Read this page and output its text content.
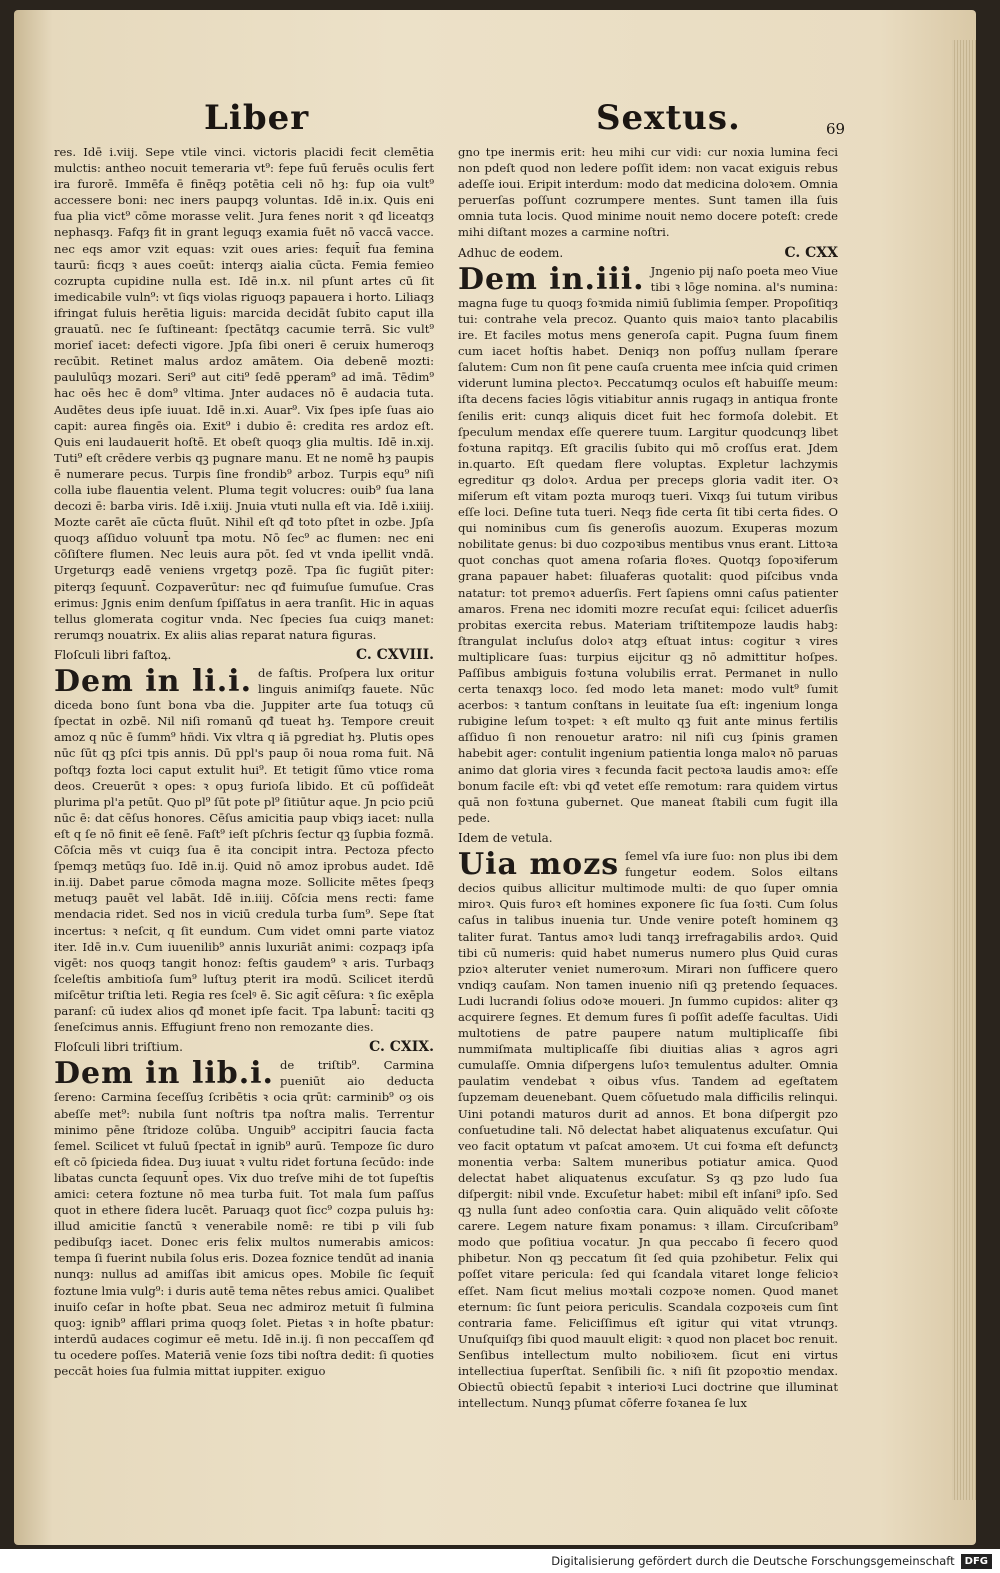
Liber	Sextus.	69

res. Idē i.viij. Sepe vtile vinci. victoris placidi fecit clemētia mulctis: antheo nocuit temeraria vt⁹: fepe fuū feruēs oculis fert ira furorē. Immēfa ē finēqȝ potētia celi nō hȝ: fup oia vult⁹ accessere boni: nec iners paupqȝ voluntas. Idē in.ix. Quis eni fua plia vict⁹ cōme morasse velit. Jura fenes norit ꝛ qđ liceatqȝ nephasqȝ. Fafqȝ fit in grant leguqȝ examia fuēt nō vaccā vacce. nec eqs amor vzit equas: vzit oues aries: fequit̄ fua femina taurū: ficqȝ ꝛ aues coeūt: interqȝ aialia cūcta. Femia femieo cozrupta cupidine nulla est. Idē in.x. nil pſunt artes cū ſit imedicabile vuln⁹: vt ſiqs violas riguoqȝ papauera i horto. Liliaqȝ ifringat fuluis herētia liguis: marcida decidāt ſubito caput illa grauatū. nec ſe ſuſtineant: ſpectātqȝ cacumie terrā. Sic vult⁹ morieſ iacet: defecti vigore. Jpſa ſibi oneri ē ceruix humeroqȝ recūbit. Retinet malus ardoz amātem. Oia debenē mozti: paululūqȝ mozari. Seri⁹ aut citi⁹ ſedē pꝑeram⁹ ad imā. Tēdim⁹ hac oēs hec ē dom⁹ vltima. Jnter audaces nō ē audacia tuta. Audētes deus ipſe iuuat. Idē in.xi. Auar⁹. Vix ſpes ipſe ſuas aio capit: aurea fingēs oia. Exit⁹ i dubio ē: credita res ardoz eſt. Quis eni laudauerit hoſtē. Et obeſt quoqȝ glia multis. Idē in.xij. Tuti⁹ eſt crēdere verbis qꝫ pugnare manu. Et ne nomē hȝ paupis ē numerare pecus. Turpis ſine frondib⁹ arboz. Turpis equ⁹ niſi colla iube flauentia velent. Pluma tegit volucres: ouib⁹ ſua lana decozi ē: barba viris. Idē i.xiij. Jnuia vtuti nulla eſt via. Idē i.xiiij. Mozte carēt aīe cūcta fluūt. Nihil eſt qđ toto pſtet in ozbe. Jpſa quoqȝ aſſiduo voluunt̄ tpa motu. Nō ſec⁹ ac flumen: nec eni cōſiſtere flumen. Nec leuis aura pōt. ſed vt vnda ipellit vndā. Urgeturqȝ eadē veniens vrgetqȝ pozē. Tpa ſic fugiūt piter: piterqȝ ſequunt̄. Cozpaverūtur: nec qđ fuimuſue ſumuſue. Cras erimus: Jgnis enim denſum ſpiſſatus in aera tranſit. Hic in aquas tellus glomerata cogitur vnda. Nec ſpecies ſua cuiqȝ manet: rerumqȝ nouatrix. Ex aliis alias reparat natura figuras.

Floſculi libri faſtoꝝ.	C. CXVIII.

Dem in li.i. de faſtis. Proſpera lux oritur linguis animiſqȝ fauete. Nūc diceda bono ſunt bona vba die. Juppiter arte ſua totuqȝ cū ſpectat in ozbē. Nil niſi romanū qđ tueat hȝ. Tempore creuit amoz q nūc ē ſumm⁹ hñdi. Vix vltra q iā pgrediat hȝ. Plutis opes nūc ſūt qꝫ pſci tpis annis. Dū ppl's paup ōi noua roma fuit. Nā poſtqȝ fozta loci caput extulit hui⁹. Et tetigit ſūmo vtice roma deos. Creuerūt ꝛ opes: ꝛ opuȝ furioſa libido. Et cū poſſideāt plurima pl'a petūt. Quo pl⁹ ſūt pote pl⁹ ſitiūtur aque. Jn pcio pciū nūc ē: dat cēſus honores. Cēſus amicitia paup vbiqȝ iacet: nulla eſt q ſe nō finit eē ſenē. Faſt⁹ ieſt pſchris ſectur qꝫ ſupbia fozmā. Cōſcia mēs vt cuiqȝ ſua ē ita concipit intra. Pectoza pfecto ſpemqȝ metūqȝ ſuo. Idē in.ij. Quid nō amoz iprobus audet. Idē in.iij. Dabet parue cōmoda magna moze. Sollicite mētes ſpeqȝ metuqȝ pauēt vel labāt. Idē in.iiij. Cōſcia mens recti: fame mendacia ridet. Sed nos in viciū credula turba ſum⁹. Sepe ſtat incertus: ꝛ neſcit, q ſit eundum. Cum videt omni parte viatoz iter. Idē in.v. Cum iuuenilib⁹ annis luxuriāt animi: cozpaqȝ ipſa vigēt: nos quoqȝ tangit honoz: feſtis gaudem⁹ ꝛ aris. Turbaqȝ ſceleſtis ambitioſa ſum⁹ luſtuȝ pterit ira modū. Scilicet iterdū miſcētur triſtia leti. Regia res ſcelꝰ ē. Sic agit̄ cēſura: ꝛ ſic exēpla paranſ: cū iudex alios qđ monet ipſe facit. Tpa labunt̄: taciti qꝫ ſeneſcimus annis. Effugiunt freno non remozante dies.

Floſculi libri triſtium.	C. CXIX.

Dem in lib.i. de triſtib⁹. Carmina pueniūt aio deducta ſereno: Carmina ſeceſſuȝ ſcribētis ꝛ ocia qrūt: carminib⁹ oȝ ois abeſſe met⁹: nubila ſunt noſtris tpa noſtra malis. Terrentur minimo pēne ſtridoze colūba. Unguib⁹ accipitri ſaucia facta ſemel. Scilicet vt fuluū ſpectat̄ in ignib⁹ aurū. Tempoze ſic duro eſt cō ſpicieda fidea. Duȝ iuuat ꝛ vultu ridet fortuna ſecūdo: inde libatas cuncta ſequunt̄ opes. Vix duo treſve mihi de tot ſupeſtis amici: cetera foztune nō mea turba fuit. Tot mala ſum paſſus quot in ethere ſidera lucēt. Paruaqȝ quot ſicc⁹ cozpa puluis hȝ: illud amicitie ſanctū ꝛ venerabile nomē: re tibi p vili ſub pedibuſqȝ iacet. Donec eris felix multos numerabis amicos: tempa ſi fuerint nubila ſolus eris. Dozea foznice tendūt ad inania nunqȝ: nullus ad amiſſas ibit amicus opes. Mobile ſic ſequit̄ foztune lmia vulg⁹: i duris autē tema nētes rebus amici. Qualibet inuiſo ceſar in hoſte pbat. Seua nec admiroz metuit ſi fulmina quoꝫ: ignib⁹ afflari prima quoqȝ ſolet. Pietas ꝛ in hoſte pbatur: interdū audaces cogimur eē metu. Idē in.ij. ſi non peccaſſem qđ tu ocedere poſſes. Materiā venie ſozs tibi noſtra dedit: ſi quoties peccāt hoies ſua fulmia mittat iuppiter. exiguo

gno tpe inermis erit: heu mihi cur vidi: cur noxia lumina feci non pdeſt quod non ledere poſſit idem: non vacat exiguis rebus adeſſe ioui. Eripit interdum: modo dat medicina doloꝛem. Omnia peruerſas poſſunt cozrumpere mentes. Sunt tamen illa ſuis omnia tuta locis. Quod minime nouit nemo docere poteſt: crede mihi diſtant mozes a carmine noſtri.

Adhuc de eodem.	C. CXX

Dem in.iii. Jngenio pij naſo poeta meo Viue tibi ꝛ lōge nomina. al's numina: magna fuge tu quoqȝ foꝛmida nimiū ſublimia ſemper. Propoſitiqȝ tui: contrahe vela precoz. Quanto quis maioꝛ tanto placabilis ire. Et faciles motus mens generoſa capit. Pugna ſuum finem cum iacet hoſtis habet. Deniqȝ non poſſuȝ nullam ſperare ſalutem: Cum non ſit pene cauſa cruenta mee inſcia quid crimen viderunt lumina plectoꝛ. Peccatumqȝ oculos eſt habuiſſe meum: iſta decens facies lōgis vitiabitur annis rugaqȝ in antiqua fronte ſenilis erit: cunqȝ aliquis dicet fuit hec formoſa dolebit. Et ſpeculum mendax eſſe querere tuum. Largitur quodcunqȝ libet foꝛtuna rapitqȝ. Eſt gracilis ſubito qui mō croſſus erat. Jdem in.quarto. Eſt quedam flere voluptas. Expletur lachzymis egreditur qȝ doloꝛ. Ardua per preceps gloria vadit iter. Oꝛ miſerum eſt vitam pozta muroqȝ tueri. Vixqȝ ſui tutum viribus eſſe loci. Deſine tuta tueri. Neqȝ fide certa ſit tibi certa fides. O qui nominibus cum ſis generoſis auozum. Exuperas mozum nobilitate genus: bi duo cozpoꝛibus mentibus vnus erant. Littoꝛa quot conchas quot amena roſaria floꝛes. Quotqȝ ſopoꝛiferum grana papauer habet: ſiluaferas quotalit: quod piſcibus vnda natatur: tot premoꝛ aduerſis. Fert ſapiens omni caſus patienter amaros. Frena nec idomiti mozre recuſat equi: ſcilicet aduerſis probitas exercita rebus. Materiam triſtitempoze laudis habꝫ: ſtrangulat incluſus doloꝛ atqȝ eſtuat intus: cogitur ꝛ vires multiplicare ſuas: turpius eijcitur qꝫ nō admittitur hoſpes. Paſſibus ambiguis foꝛtuna volubilis errat. Permanet in nullo certa tenaxqȝ loco. ſed modo leta manet: modo vult⁹ ſumit acerbos: ꝛ tantum conſtans in leuitate ſua eſt: ingenium longa rubigine leſum toꝛpet: ꝛ eſt multo qꝫ fuit ante minus fertilis aſſiduo ſi non renouetur aratro: nil niſi cuȝ ſpinis gramen habebit ager: contulit ingenium patientia longa maloꝛ nō paruas animo dat gloria vires ꝛ fecunda facit pectoꝛa laudis amoꝛ: eſſe bonum facile eſt: vbi qđ vetet eſſe remotum: rara quidem virtus quā non foꝛtuna gubernet. Que maneat ſtabili cum fugit illa pede.

Idem de vetula.

Uia mozs ſemel vſa iure ſuo: non plus ibi dem fungetur eodem. Solos eiltans decios quibus allicitur multimode multi: de quo ſuper omnia miroꝛ. Quis furoꝛ eſt homines exponere ſic ſua ſoꝛti. Cum ſolus caſus in talibus inuenia tur. Unde venire poteſt hominem qꝫ taliter furat. Tantus amoꝛ ludi tanqꝫ irrefragabilis ardoꝛ. Quid tibi cū numeris: quid habet numerus numero plus Quid curas pzioꝛ alteruter veniet numeroꝛum. Mirari non ſufficere quero vndiqȝ cauſam. Non tamen inuenio niſi qꝫ pretendo ſequaces. Ludi lucrandi ſolius odoꝛe moueri. Jn ſummo cupidos: aliter qȝ acquirere ſegnes. Et demum fures ſi poſſit adeſſe facultas. Uidi multotiens de patre paupere natum multiplicaſſe ſibi nummiſmata multiplicaſſe ſibi diuitias alias ꝛ agros agri cumulaſſe. Omnia diſpergens luſoꝛ temulentus adulter. Omnia paulatim vendebat ꝛ oibus vſus. Tandem ad egeſtatem ſupzemam deuenebant. Quem cōſuetudo mala difficilis relinqui. Uini potandi maturos durit ad annos. Et bona diſpergit pzo conſuetudine tali. Nō delectat habet aliquatenus excuſatur. Qui veo facit optatum vt paſcat amoꝛem. Ut cui foꝛma eſt defunctȝ monentia verba: Saltem muneribus potiatur amica. Quod delectat habet aliquatenus excuſatur. Sȝ qꝫ pzo ludo ſua diſpergit: nibil vnde. Excuſetur habet: mibil eſt inſani⁹ ipſo. Sed qꝫ nulla ſunt adeo conſoꝛtia cara. Quin aliquādo velit cōſoꝛte carere. Legem nature fixam ponamus: ꝛ illam. Circuſcribam⁹ modo que poſitiua vocatur. Jn qua peccabo ſi fecero quod phibetur. Non qꝫ peccatum ſit ſed quia pzohibetur. Felix qui poſſet vitare pericula: ſed qui ſcandala vitaret longe felicioꝛ eſſet. Nam ſicut melius moꝛtali cozpoꝛe nomen. Quod manet eternum: ſic ſunt peiora periculis. Scandala cozpoꝛeis cum ſint contraria fame. Feliciſſimus eſt igitur qui vitat vtrunqȝ. Unuſquiſqȝ ſibi quod mauult eligit: ꝛ quod non placet boc renuit. Senſibus intellectum multo nobilioꝛem. ſicut eni virtus intellectiua ſuperſtat. Senſibili ſic. ꝛ niſi ſit pzopoꝛtio mendax. Obiectū obiectū ſepabit ꝛ interioꝛi Luci doctrine que illuminat intellectum. Nunqꝫ pſumat cōferre foꝛanea ſe lux

Digitalisierung gefördert durch die Deutsche Forschungsgemeinschaft	DFG
